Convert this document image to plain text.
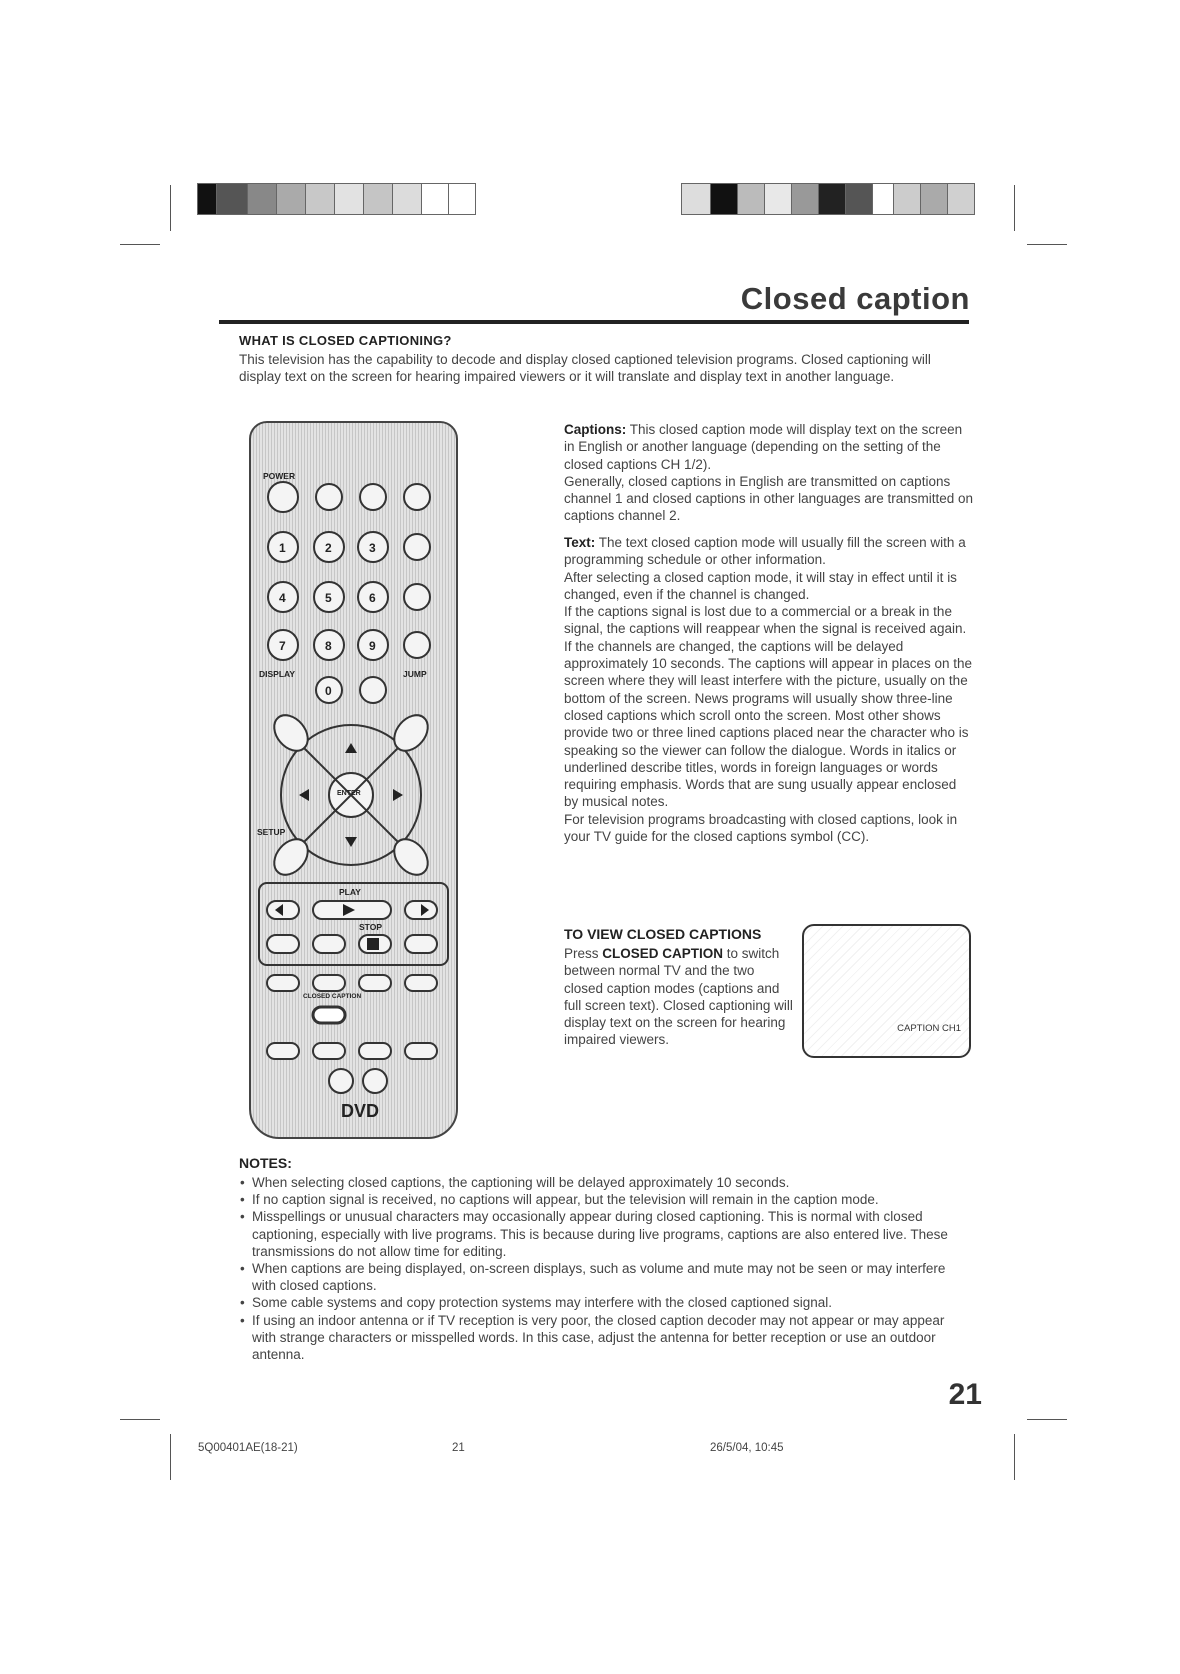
Closed caption
WHAT IS CLOSED CAPTIONING?

This television has the capability to decode and display closed captioned television programs. Closed captioning will display text on the screen for hearing impaired viewers or it will translate and display text in another language.

DVD
POWER
DISPLAY	JUMP
SETUP
PLAY
STOP
ENTER
1	2	3
4	5	6
7	8	9
0
CLOSED CAPTION

Captions: This closed caption mode will display text on the screen in English or another language (depending on the setting of the closed captions CH 1/2).
Generally, closed captions in English are transmitted on captions channel 1 and closed captions in other languages are transmitted on captions channel 2.

Text: The text closed caption mode will usually fill the screen with a programming schedule or other information.
After selecting a closed caption mode, it will stay in effect until it is changed, even if the channel is changed.
If the captions signal is lost due to a commercial or a break in the signal, the captions will reappear when the signal is received again. If the channels are changed, the captions will be delayed approximately 10 seconds. The captions will appear in places on the screen where they will least interfere with the picture, usually on the bottom of the screen. News programs will usually show three-line closed captions which scroll onto the screen. Most other shows provide two or three lined captions placed near the character who is speaking so the viewer can follow the dialogue. Words in italics or underlined describe titles, words in foreign languages or words requiring emphasis. Words that are sung usually appear enclosed by musical notes.
For television programs broadcasting with closed captions, look in your TV guide for the closed captions symbol (CC).

TO VIEW CLOSED CAPTIONS

Press CLOSED CAPTION to switch between normal TV and the two closed caption modes (captions and full screen text). Closed captioning will display text on the screen for hearing impaired viewers.

CAPTION CH1
NOTES:
• When selecting closed captions, the captioning will be delayed approximately 10 seconds.
• If no caption signal is received, no captions will appear, but the television will remain in the caption mode.
• Misspellings or unusual characters may occasionally appear during closed captioning. This is normal with closed captioning, especially with live programs. This is because during live programs, captions are also entered live. These transmissions do not allow time for editing.
• When captions are being displayed, on-screen displays, such as volume and mute may not be seen or may interfere with closed captions.
• Some cable systems and copy protection systems may interfere with the closed captioned signal.
• If using an indoor antenna or if TV reception is very poor, the closed caption decoder may not appear or may appear with strange characters or misspelled words. In this case, adjust the antenna for better reception or use an outdoor antenna.
21
5Q00401AE(18-21)	21	26/5/04, 10:45
